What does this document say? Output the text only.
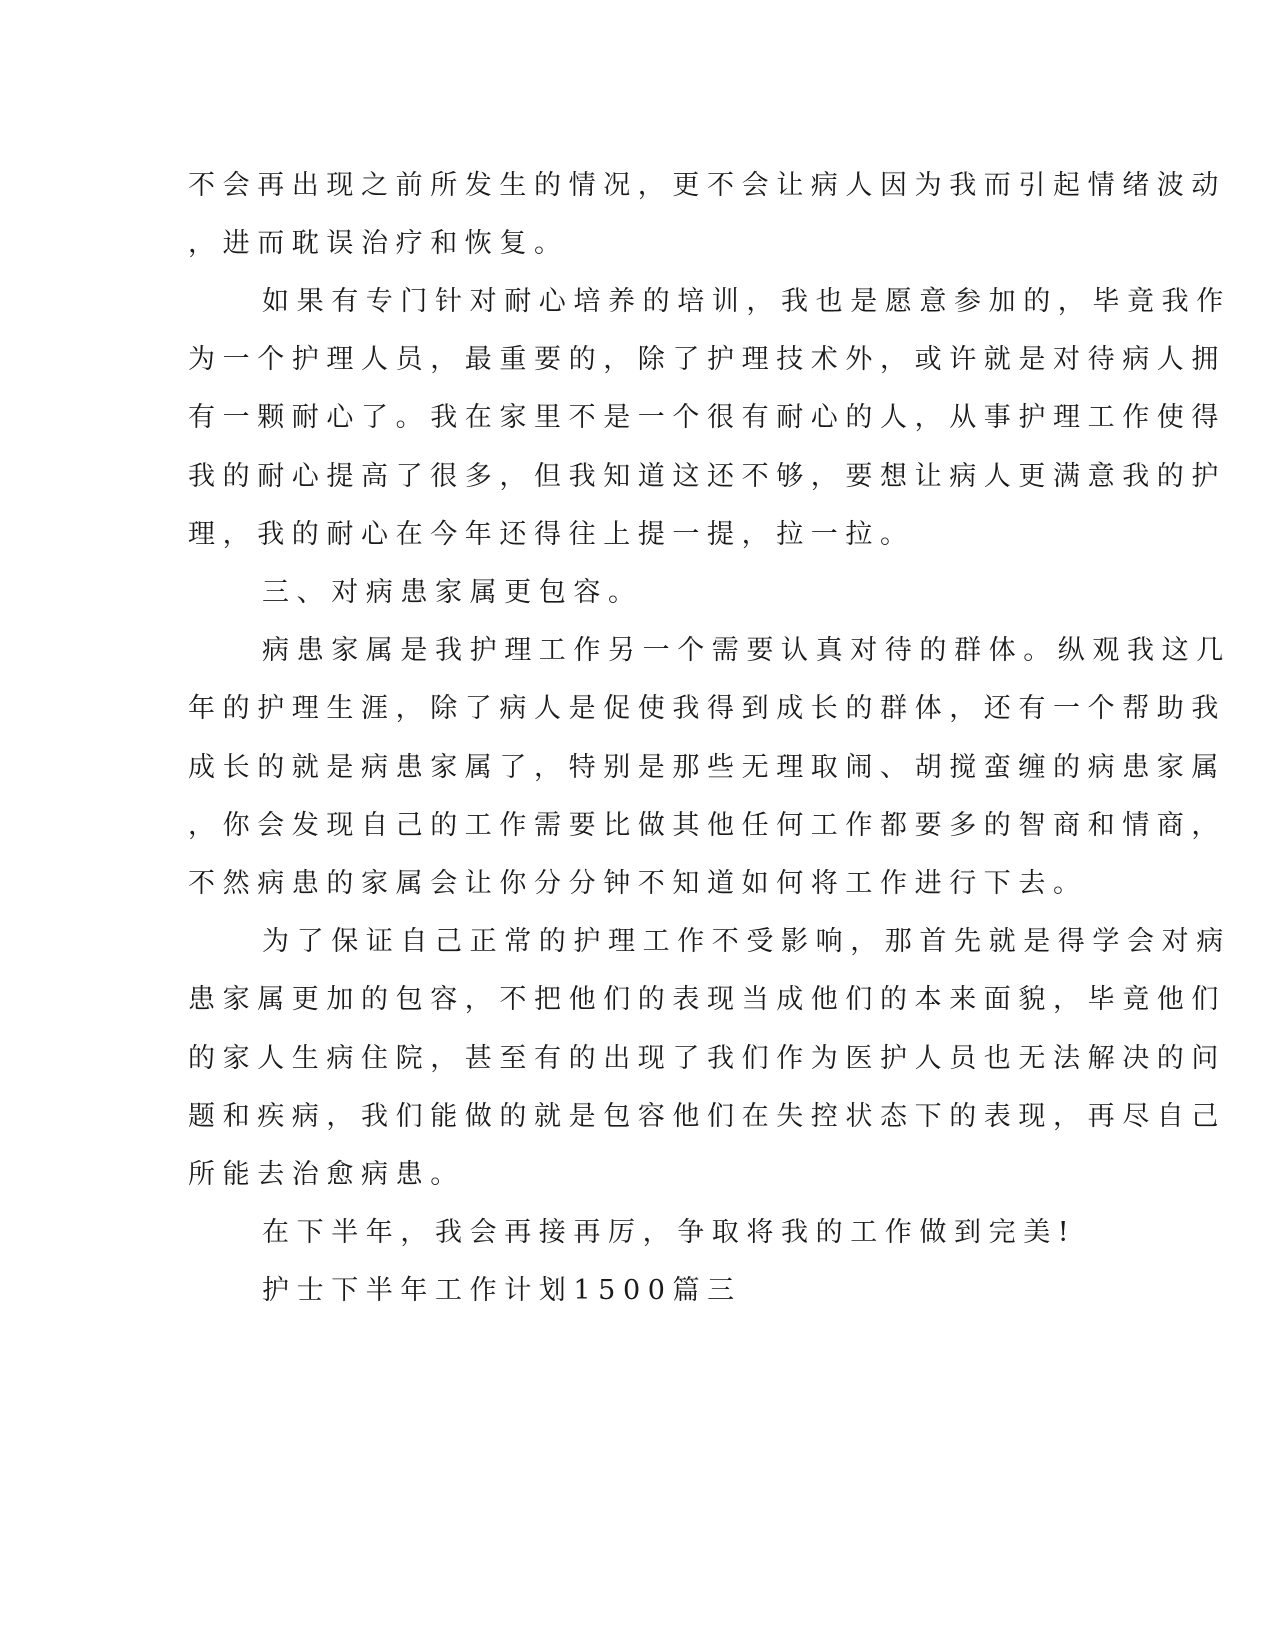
不会再出现之前所发生的情况，更不会让病人因为我而引起情绪波动
，进而耽误治疗和恢复。
如果有专门针对耐心培养的培训，我也是愿意参加的，毕竟我作
为一个护理人员，最重要的，除了护理技术外，或许就是对待病人拥
有一颗耐心了。我在家里不是一个很有耐心的人，从事护理工作使得
我的耐心提高了很多，但我知道这还不够，要想让病人更满意我的护
理，我的耐心在今年还得往上提一提，拉一拉。
三、对病患家属更包容。
病患家属是我护理工作另一个需要认真对待的群体。纵观我这几
年的护理生涯，除了病人是促使我得到成长的群体，还有一个帮助我
成长的就是病患家属了，特别是那些无理取闹、胡搅蛮缠的病患家属
，你会发现自己的工作需要比做其他任何工作都要多的智商和情商，
不然病患的家属会让你分分钟不知道如何将工作进行下去。
为了保证自己正常的护理工作不受影响，那首先就是得学会对病
患家属更加的包容，不把他们的表现当成他们的本来面貌，毕竟他们
的家人生病住院，甚至有的出现了我们作为医护人员也无法解决的问
题和疾病，我们能做的就是包容他们在失控状态下的表现，再尽自己
所能去治愈病患。
在下半年，我会再接再厉，争取将我的工作做到完美!
护士下半年工作计划1500篇三
